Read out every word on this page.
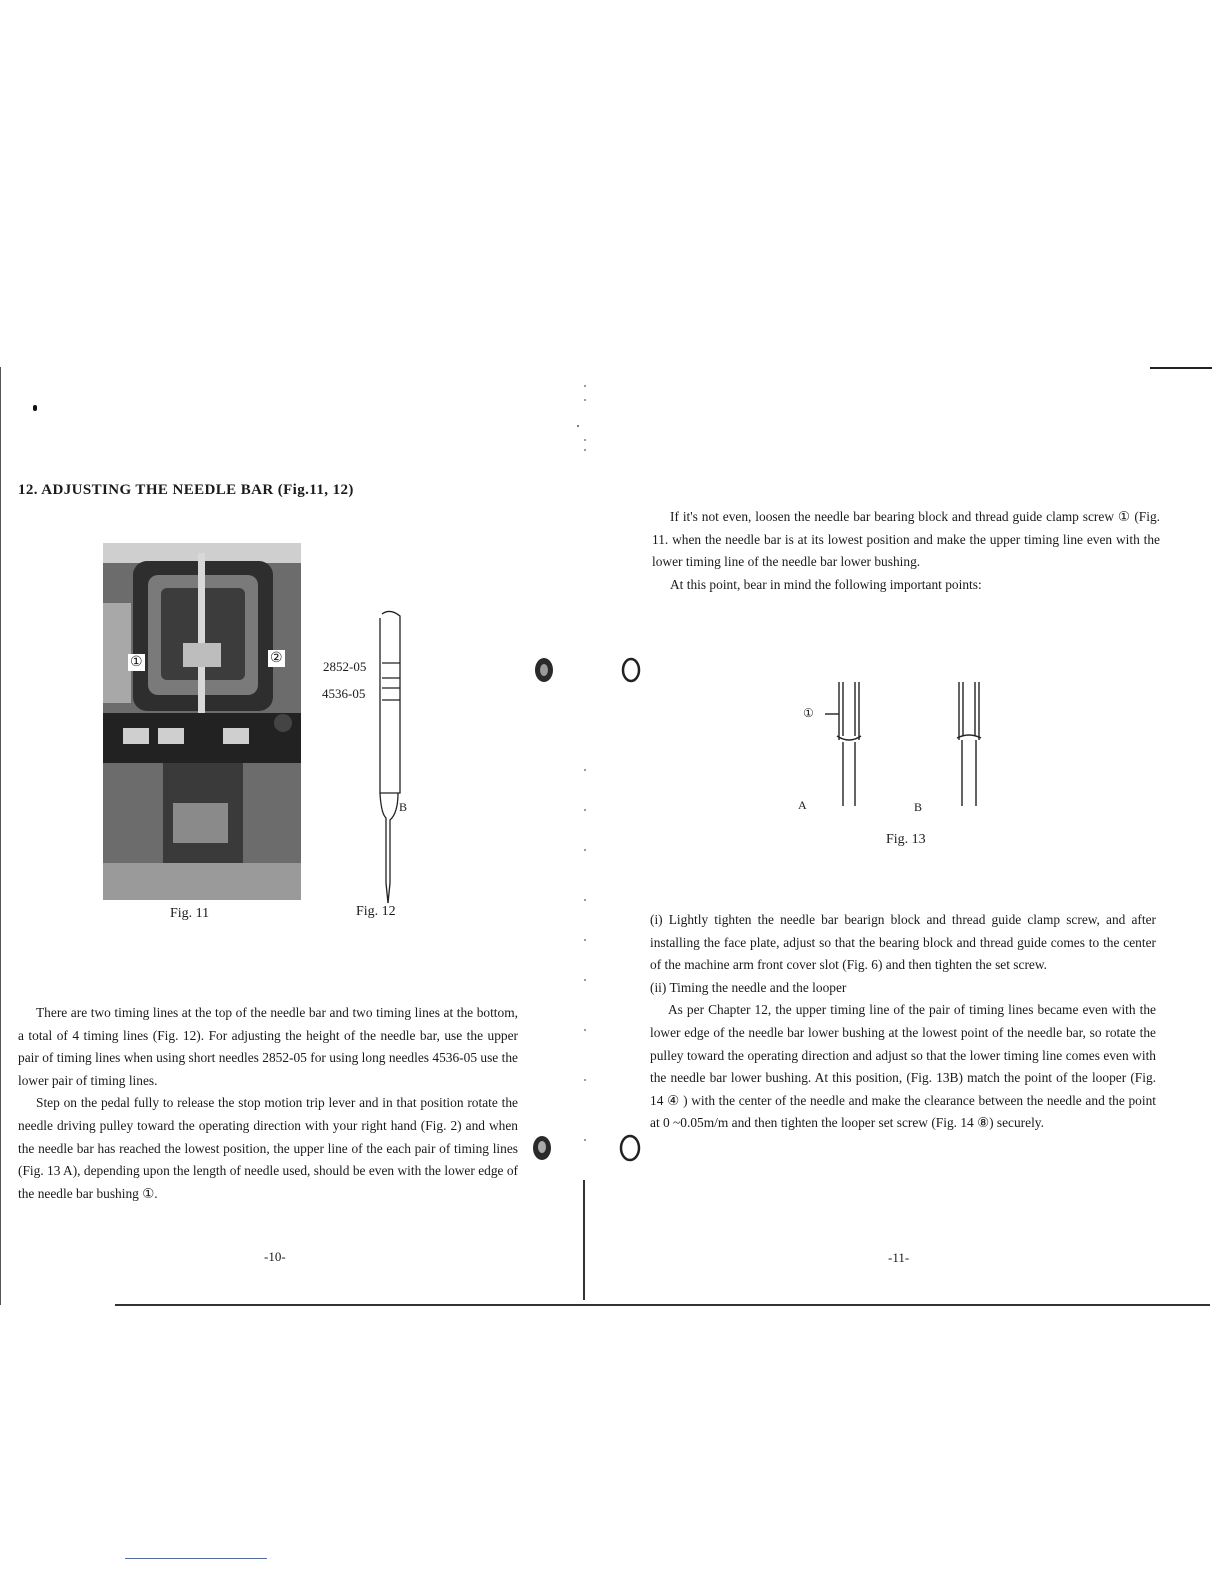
12. ADJUSTING THE NEEDLE BAR (Fig.11, 12)
①	②
Fig. 11
2852-05
4536-05
B
Fig. 12

There are two timing lines at the top of the needle bar and two timing lines at the bottom, a total of 4 timing lines (Fig. 12). For adjusting the height of the needle bar, use the upper pair of timing lines when using short needles 2852-05 for using long needles 4536-05 use the lower pair of timing lines.

Step on the pedal fully to release the stop motion trip lever and in that position rotate the needle driving pulley toward the operating direction with your right hand (Fig. 2) and when the needle bar has reached the lowest position, the upper line of the each pair of timing lines (Fig. 13 A), depending upon the length of needle used, should be even with the lower edge of the needle bar bushing ①.

-10-

If it's not even, loosen the needle bar bearing block and thread guide clamp screw ① (Fig. 11. when the needle bar is at its lowest position and make the upper timing line even with the lower timing line of the needle bar lower bushing.

At this point, bear in mind the following important points:

①
A	B
Fig. 13

(i) Lightly tighten the needle bar bearign block and thread guide clamp screw, and after installing the face plate, adjust so that the bearing block and thread guide comes to the center of the machine arm front cover slot (Fig. 6) and then tighten the set screw.

(ii) Timing the needle and the looper

As per Chapter 12, the upper timing line of the pair of timing lines became even with the lower edge of the needle bar lower bushing at the lowest point of the needle bar, so rotate the pulley toward the operating direction and adjust so that the lower timing line comes even with the needle bar lower bushing. At this position, (Fig. 13B) match the point of the looper (Fig. 14 ④ ) with the center of the needle and make the clearance between the needle and the point at 0 ~0.05m/m and then tighten the looper set screw (Fig. 14 ⑧) securely.

-11-
